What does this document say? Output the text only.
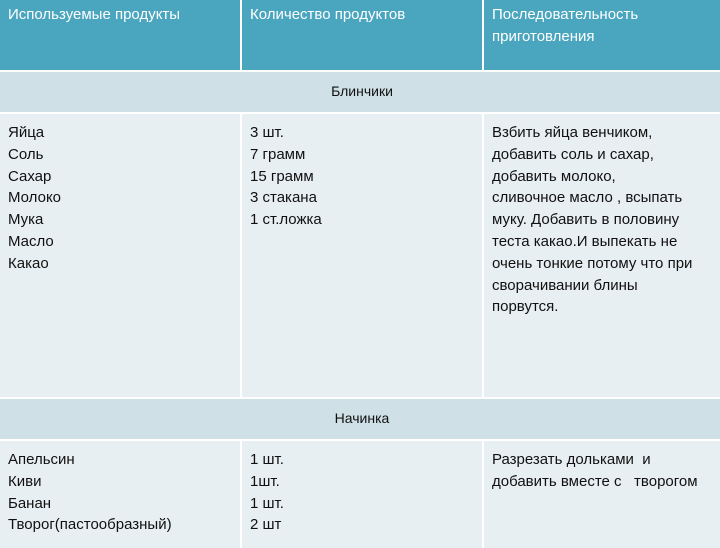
Используемые продукты	Количество продуктов	Последовательность
приготовления
Блинчики
Яйца
Соль
Сахар
Молоко
Мука
Масло
Какао
3 шт.
7 грамм
15 грамм
3 стакана
1 ст.ложка
Взбить яйца венчиком,
добавить соль и сахар,
добавить молоко,
сливочное масло , всыпать
муку. Добавить в половину
теста какао.И выпекать не
очень тонкие потому что при
сворачивании блины
порвутся.
Начинка
Апельсин
Киви
Банан
Творог(пастообразный)
1 шт.
1шт.
1 шт.
2 шт
Разрезать дольками  и
добавить вместе с   творогом
